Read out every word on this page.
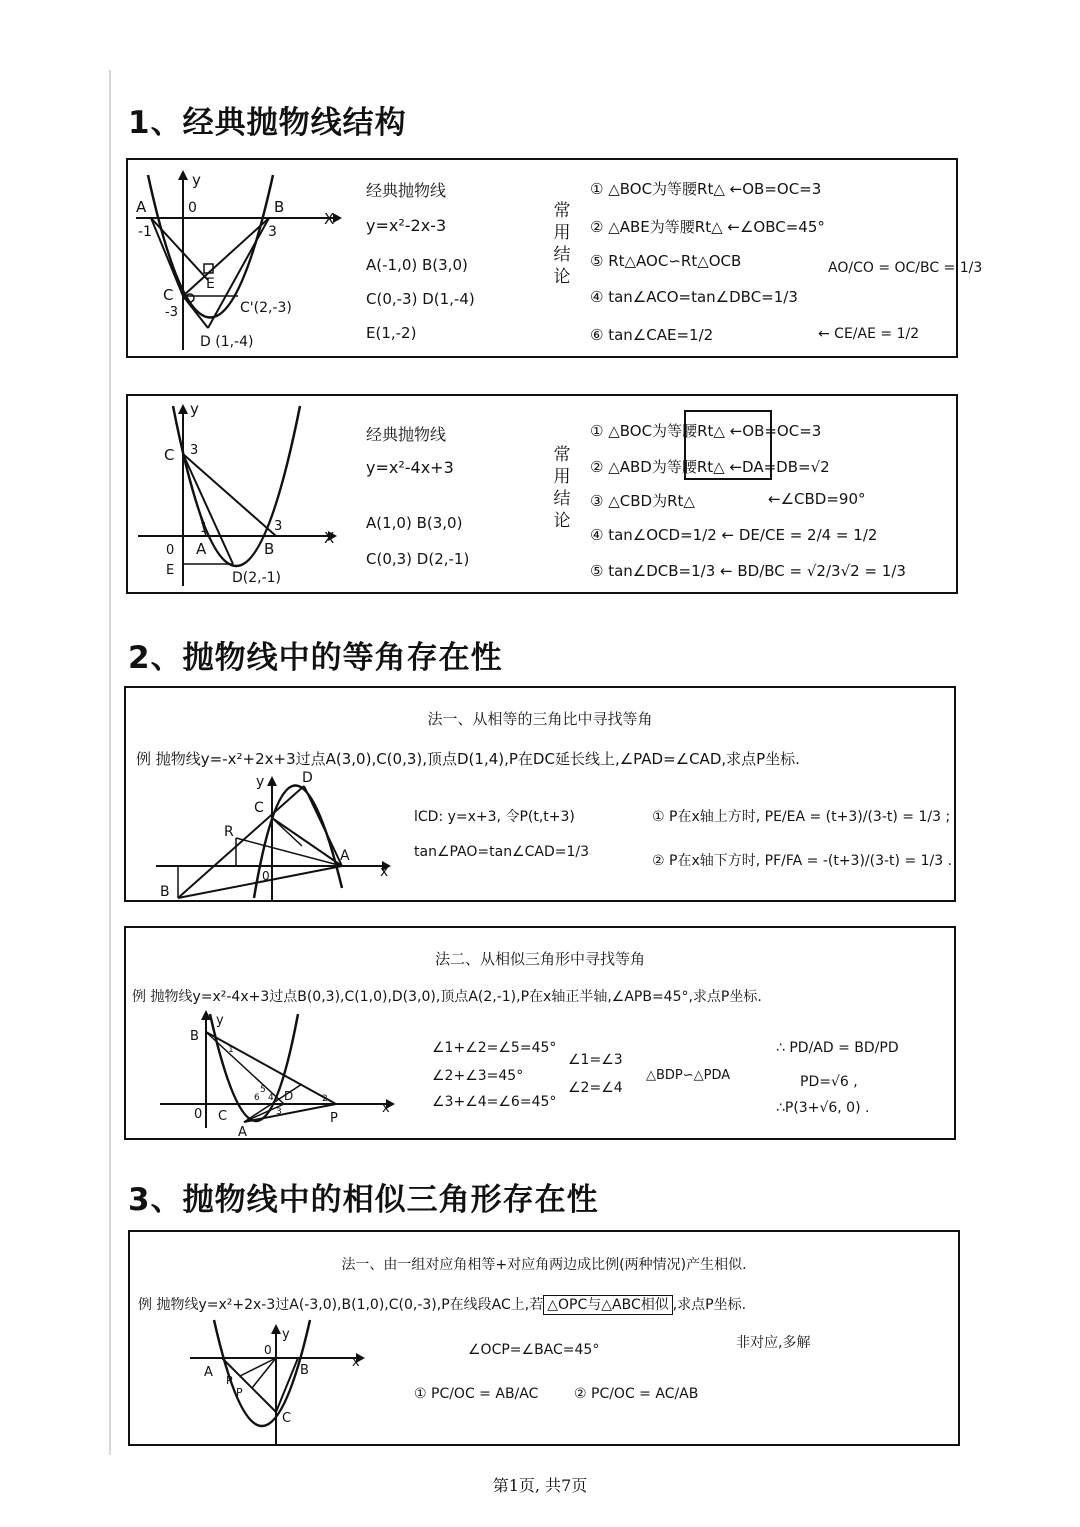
1、经典抛物线结构
A	0	B
-1	3
X
y
C
-3
E
C'(2,-3)
D (1,-4)
经典抛物线
y=x²-2x-3
A(-1,0) B(3,0)
C(0,-3) D(1,-4)
E(1,-2)
常
用
结
论
① △BOC为等腰Rt△ ←OB=OC=3
② △ABE为等腰Rt△ ←∠OBC=45°
⑤ Rt△AOC∽Rt△OCB	AO/CO = OC/BC = 1/3
④ tan∠ACO=tan∠DBC=1/3
⑥ tan∠CAE=1/2	← CE/AE = 1/2
C 3
1
A
3
B
0
E	D(2,-1)
X
y
经典抛物线
y=x²-4x+3
A(1,0) B(3,0)
C(0,3) D(2,-1)
常
用
结
论
① △BOC为等腰Rt△ ←OB=OC=3
② △ABD为等腰Rt△ ←DA=DB=√2
③ △CBD为Rt△	←∠CBD=90°
④ tan∠OCD=1/2 ← DE/CE = 2/4 = 1/2
⑤ tan∠DCB=1/3 ← BD/BC = √2/3√2 = 1/3
2、抛物线中的等角存在性
法一、从相等的三角比中寻找等角
例 抛物线y=-x²+2x+3过点A(3,0),C(0,3),顶点D(1,4),P在DC延长线上,∠PAD=∠CAD,求点P坐标.
y	D
C
R
A
B
0	x
lCD: y=x+3, 令P(t,t+3)
tan∠PAO=tan∠CAD=1/3
① P在x轴上方时, PE/EA = (t+3)/(3-t) = 1/3 ;
② P在x轴下方时, PF/FA = -(t+3)/(3-t) = 1/3 .
法二、从相似三角形中寻找等角
例 抛物线y=x²-4x+3过点B(0,3),C(1,0),D(3,0),顶点A(2,-1),P在x轴正半轴,∠APB=45°,求点P坐标.
y
B
0 C
A
D
P
x
1
2
3
4
5
6
∠1+∠2=∠5=45°
∠2+∠3=45°
∠3+∠4=∠6=45°
∠1=∠3
∠2=∠4
△BDP∽△PDA
∴ PD/AD = BD/PD
PD=√6 ,
∴P(3+√6, 0) .
3、抛物线中的相似三角形存在性
法一、由一组对应角相等+对应角两边成比例(两种情况)产生相似.
例 抛物线y=x²+2x-3过A(-3,0),B(1,0),C(0,-3),P在线段AC上,若 △OPC与△ABC相似 ,求点P坐标.
非对应,多解
y
0
A	B
C
P
P
x
∠OCP=∠BAC=45°
① PC/OC = AB/AC	② PC/OC = AC/AB
第1页, 共7页
